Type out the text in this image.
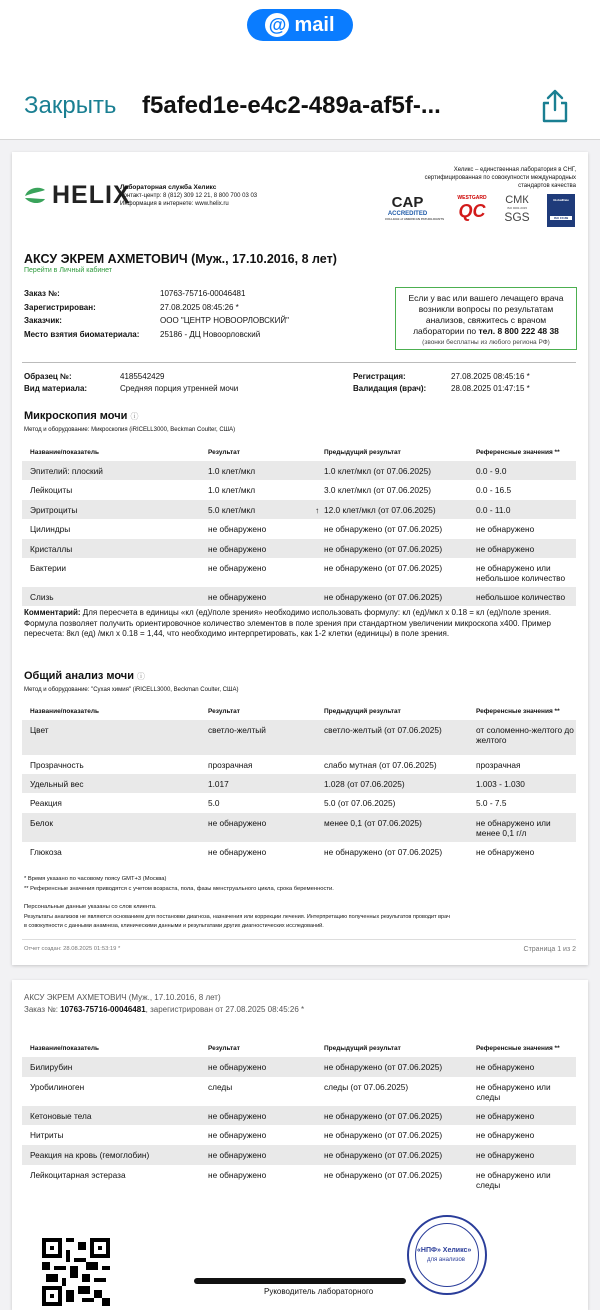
@ mail
Закрыть f5afed1e-e4c2-489a-af5f-...
HELIX
Лабораторная служба Хеликс
Контакт-центр: 8 (812) 309 12 21, 8 800 700 03 03
Информация в интернете: www.helix.ru
Хеликс – единственная лаборатория в СНГ,
сертифицированная по совокупности международных
стандартов качества
CAP
ACCREDITED
COLLEGE of AMERICAN PATHOLOGISTS
WESTGARD
QC
СМК
ISO 9001:2015
SGS
GlobalRate
ISO 15189
АКСУ ЭКРЕМ АХМЕТОВИЧ (Муж., 17.10.2016, 8 лет)
Перейти в Личный кабинет
Заказ №:	10763-75716-00046481
Зарегистрирован:	27.08.2025 08:45:26 *
Заказчик:	ООО "ЦЕНТР НОВООРЛОВСКИЙ"
Место взятия биоматериала:	25186 - ДЦ Новоорловский
Если у вас или вашего лечащего врача
возникли вопросы по результатам
анализов, свяжитесь с врачом
лаборатории по тел. 8 800 222 48 38
(звонки бесплатны из любого региона РФ)
Образец №:	4185542429
Вид материала:	Средняя порция утренней мочи
Регистрация:	27.08.2025 08:45:16 *
Валидация (врач):	28.08.2025 01:47:15 *
Микроскопия мочи ⓘ
Метод и оборудование: Микроскопия (iRICELL3000, Beckman Coulter, США)
Название/показатель	Результат	Предыдущий результат	Референсные значения **
Эпителий: плоский	1.0 клет/мкл	1.0 клет/мкл (от 07.06.2025)	0.0 - 9.0
Лейкоциты	1.0 клет/мкл	3.0 клет/мкл (от 07.06.2025)	0.0 - 16.5
Эритроциты	5.0 клет/мкл	↑ 12.0 клет/мкл (от 07.06.2025)	0.0 - 11.0
Цилиндры	не обнаружено	не обнаружено (от 07.06.2025)	не обнаружено
Кристаллы	не обнаружено	не обнаружено (от 07.06.2025)	не обнаружено
Бактерии	не обнаружено	не обнаружено (от 07.06.2025)	не обнаружено или небольшое количество
Слизь	не обнаружено	не обнаружено (от 07.06.2025)	небольшое количество
Комментарий: Для пересчета в единицы «кл (ед)/поле зрения» необходимо использовать формулу: кл (ед)/мкл х 0.18 = кл (ед)/поле зрения. Формула позволяет получить ориентировочное количество элементов в поле зрения при стандартном увеличении микроскопа х400. Пример пересчета: 8кл (ед) /мкл х 0.18 = 1,44, что необходимо интерпретировать, как 1-2 клетки (единицы) в поле зрения.
Общий анализ мочи ⓘ
Метод и оборудование: "Сухая химия" (iRICELL3000, Beckman Coulter, США)
Название/показатель	Результат	Предыдущий результат	Референсные значения **
Цвет	светло-желтый	светло-желтый (от 07.06.2025)	от соломенно-желтого до желтого
Прозрачность	прозрачная	слабо мутная (от 07.06.2025)	прозрачная
Удельный вес	1.017	1.028 (от 07.06.2025)	1.003 - 1.030
Реакция	5.0	5.0 (от 07.06.2025)	5.0 - 7.5
Белок	не обнаружено	менее 0,1 (от 07.06.2025)	не обнаружено или менее 0,1 г/л
Глюкоза	не обнаружено	не обнаружено (от 07.06.2025)	не обнаружено
* Время указано по часовому поясу GMT+3 (Москва)
** Референсные значения приводятся с учетом возраста, пола, фазы менструального цикла, срока беременности.
Персональные данные указаны со слов клиента.
Результаты анализов не являются основанием для постановки диагноза, назначения или коррекции лечения. Интерпретацию полученных результатов проводит врач
в совокупности с данными анамнеза, клиническими данными и результатами других диагностических исследований.
Отчет создан: 28.08.2025 01:53:19 *	Страница 1 из 2
АКСУ ЭКРЕМ АХМЕТОВИЧ (Муж., 17.10.2016, 8 лет)
Заказ №: 10763-75716-00046481, зарегистрирован от 27.08.2025 08:45:26 *
Название/показатель	Результат	Предыдущий результат	Референсные значения **
Билирубин	не обнаружено	не обнаружено (от 07.06.2025)	не обнаружено
Уробилиноген	следы	следы (от 07.06.2025)	не обнаружено или следы
Кетоновые тела	не обнаружено	не обнаружено (от 07.06.2025)	не обнаружено
Нитриты	не обнаружено	не обнаружено (от 07.06.2025)	не обнаружено
Реакция на кровь (гемоглобин)	не обнаружено	не обнаружено (от 07.06.2025)	не обнаружено
Лейкоцитарная эстераза	не обнаружено	не обнаружено (от 07.06.2025)	не обнаружено или следы
«НПФ» Хеликс»
для анализов
Руководитель лабораторного
